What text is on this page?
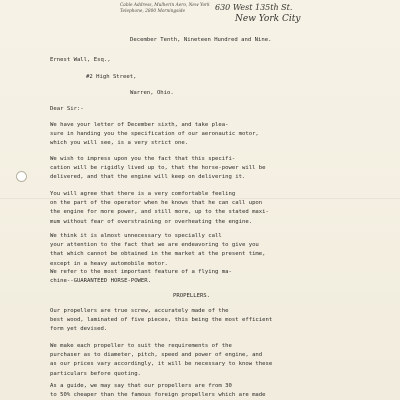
Cable Address, Mulherin Aero, New York
Telephone, 2800 Morningside	630 West 135th St.
New York City
December Tenth, Nineteen Hundred and Nine.
Ernest Wall, Esq.,
#2 High Street,
Warren, Ohio.
Dear Sir:-
We have your letter of December sixth, and take plea-
sure in handing you the specification of our aeronautic motor,
which you will see, is a very strict one.
We wish to impress upon you the fact that this specifi-
cation will be rigidly lived up to, that the horse-power will be
delivered, and that the engine will keep on delivering it.
You will agree that there is a very comfortable feeling
on the part of the operator when he knows that he can call upon
the engine for more power, and still more, up to the stated maxi-
mum without fear of overstraining or overheating the engine.
We think it is almost unnecessary to specially call
your attention to the fact that we are endeavoring to give you
that which cannot be obtained in the market at the present time,
except in a heavy automobile motor.
We refer to the most important feature of a flying ma-
chine--GUARANTEED HORSE-POWER.
PROPELLERS.
Our propellers are true screw, accurately made of the
best wood, laminated of five pieces, this being the most efficient
form yet devised.
We make each propeller to suit the requirements of the
purchaser as to diameter, pitch, speed and power of engine, and
as our prices vary accordingly, it will be necessary to know these
particulars before quoting.
As a guide, we may say that our propellers are from 30
to 50% cheaper than the famous foreign propellers which are made
